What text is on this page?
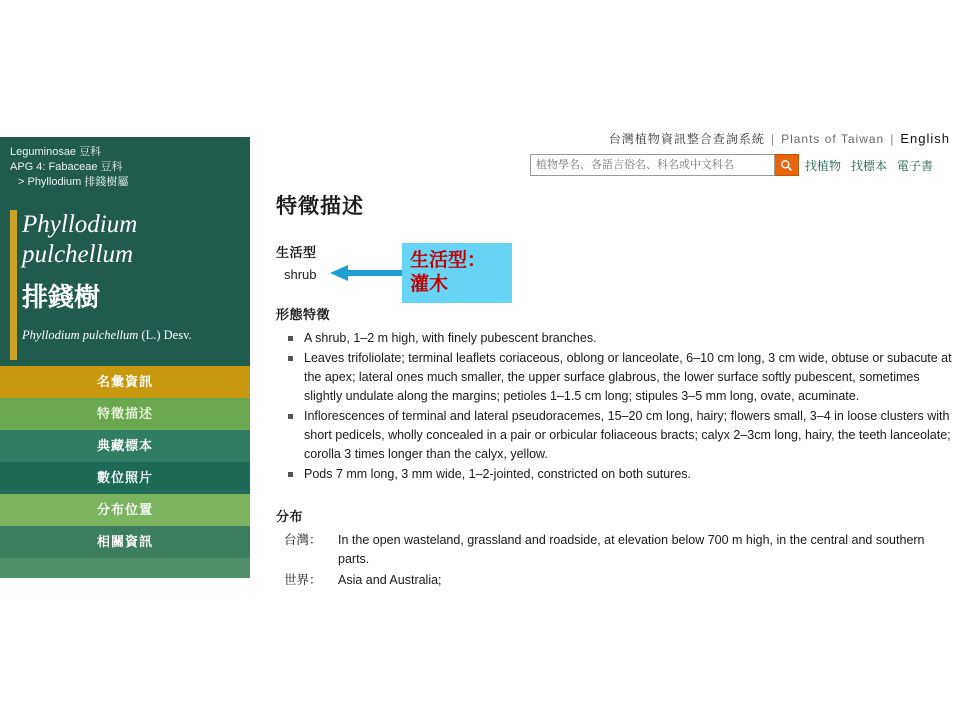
Leguminosae 豆科
APG 4: Fabaceae 豆科
> Phyllodium 排錢樹屬
Phyllodium
pulchellum
排錢樹
Phyllodium pulchellum (L.) Desv.
名彙資訊
特徵描述
典藏標本
數位照片
分布位置
相關資訊
台灣植物資訊整合查詢系統 | Plants of Taiwan | English
植物學名、各語言俗名、科名或中文科名
找植物 找標本 電子書
特徵描述
生活型
shrub
形態特徵
A shrub, 1–2 m high, with finely pubescent branches.
Leaves trifoliolate; terminal leaflets coriaceous, oblong or lanceolate, 6–10 cm long, 3 cm wide, obtuse or subacute at the apex; lateral ones much smaller, the upper surface glabrous, the lower surface softly pubescent, sometimes slightly undulate along the margins; petioles 1–1.5 cm long; stipules 3–5 mm long, ovate, acuminate.
Inflorescences of terminal and lateral pseudoracemes, 15–20 cm long, hairy; flowers small, 3–4 in loose clusters with short pedicels, wholly concealed in a pair or orbicular foliaceous bracts; calyx 2–3cm long, hairy, the teeth lanceolate; corolla 3 times longer than the calyx, yellow.
Pods 7 mm long, 3 mm wide, 1–2-jointed, constricted on both sutures.
分布
台灣：	In the open wasteland, grassland and roadside, at elevation below 700 m high, in the central and southern parts.
世界：	Asia and Australia;
生活型：
灌木
